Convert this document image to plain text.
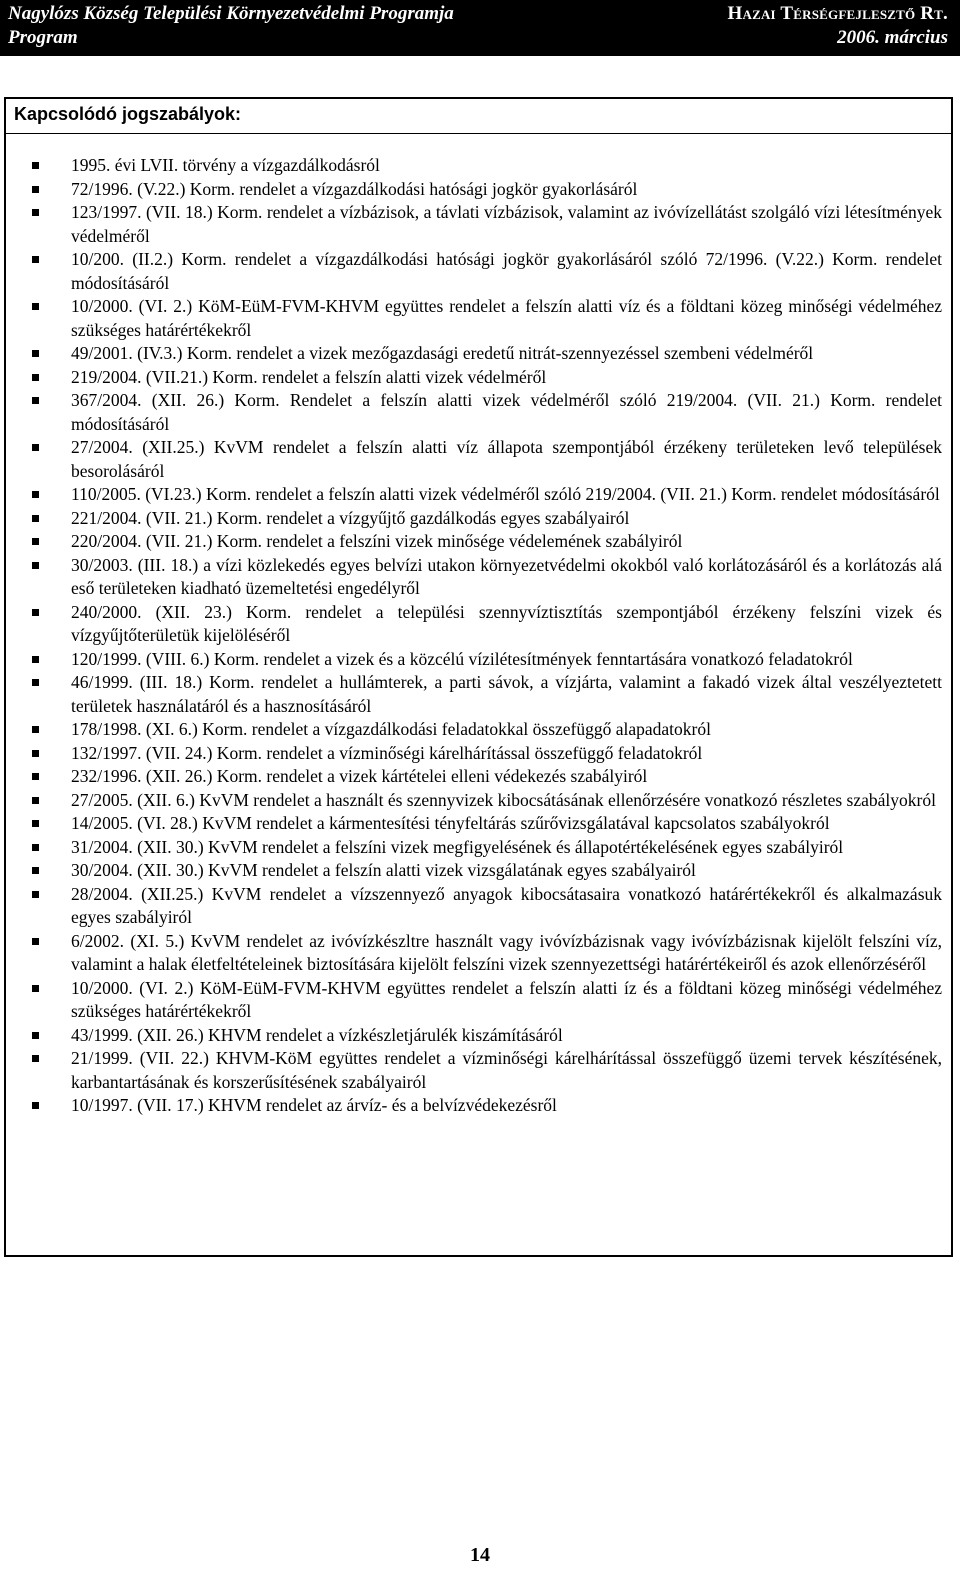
Nagylózs Község Települési Környezetvédelmi Programja	Hazai Térségfejlesztő Rt.
Program	2006. március
Kapcsolódó jogszabályok:
1995. évi LVII. törvény a vízgazdálkodásról
72/1996. (V.22.) Korm. rendelet a vízgazdálkodási hatósági jogkör gyakorlásáról
123/1997. (VII. 18.) Korm. rendelet a vízbázisok, a távlati vízbázisok, valamint az ivóvízellátást szolgáló vízi létesítmények védelméről
10/200. (II.2.) Korm. rendelet a vízgazdálkodási hatósági jogkör gyakorlásáról szóló 72/1996. (V.22.) Korm. rendelet módosításáról
10/2000. (VI. 2.) KöM-EüM-FVM-KHVM együttes rendelet a felszín alatti víz és a földtani közeg minőségi védelméhez szükséges határértékekről
49/2001. (IV.3.) Korm. rendelet a vizek mezőgazdasági eredetű nitrát-szennyezéssel szembeni védelméről
219/2004. (VII.21.) Korm. rendelet a felszín alatti vizek védelméről
367/2004. (XII. 26.) Korm. Rendelet a felszín alatti vizek védelméről szóló 219/2004. (VII. 21.) Korm. rendelet módosításáról
27/2004. (XII.25.) KvVM rendelet a felszín alatti víz állapota szempontjából érzékeny területeken levő települések besorolásáról
110/2005. (VI.23.) Korm. rendelet a felszín alatti vizek védelméről szóló 219/2004. (VII. 21.) Korm. rendelet módosításáról
221/2004. (VII. 21.) Korm. rendelet a vízgyűjtő gazdálkodás egyes szabályairól
220/2004. (VII. 21.) Korm. rendelet a felszíni vizek minősége védelemének szabályiról
30/2003. (III. 18.) a vízi közlekedés egyes belvízi utakon környezetvédelmi okokból való korlátozásáról és a korlátozás alá eső területeken kiadható üzemeltetési engedélyről
240/2000. (XII. 23.) Korm. rendelet a települési szennyvíztisztítás szempontjából érzékeny felszíni vizek és vízgyűjtőterületük kijelöléséről
120/1999. (VIII. 6.) Korm. rendelet a vizek és a közcélú vízilétesítmények fenntartására vonatkozó feladatokról
46/1999. (III. 18.) Korm. rendelet a hullámterek, a parti sávok, a vízjárta, valamint a fakadó vizek által veszélyeztetett területek használatáról és a hasznosításáról
178/1998. (XI. 6.) Korm. rendelet a vízgazdálkodási feladatokkal összefüggő alapadatokról
132/1997. (VII. 24.) Korm. rendelet a vízminőségi kárelhárítással összefüggő feladatokról
232/1996. (XII. 26.) Korm. rendelet a vizek kártételei elleni védekezés szabályiról
27/2005. (XII. 6.) KvVM rendelet a használt és szennyvizek kibocsátásának ellenőrzésére vonatkozó részletes szabályokról
14/2005. (VI. 28.) KvVM rendelet a kármentesítési tényfeltárás szűrővizsgálatával kapcsolatos szabályokról
31/2004. (XII. 30.) KvVM rendelet a felszíni vizek megfigyelésének és állapotértékelésének egyes szabályiról
30/2004. (XII. 30.) KvVM rendelet a felszín alatti vizek vizsgálatának egyes szabályairól
28/2004. (XII.25.) KvVM rendelet a vízszennyező anyagok kibocsátasaira vonatkozó határértékekről és alkalmazásuk egyes szabályiról
6/2002. (XI. 5.) KvVM rendelet az ivóvízkészltre használt vagy ivóvízbázisnak vagy ivóvízbázisnak kijelölt felszíni víz, valamint a halak életfeltételeinek biztosítására kijelölt felszíni vizek szennyezettségi határértékeiről és azok ellenőrzéséről
10/2000. (VI. 2.) KöM-EüM-FVM-KHVM együttes rendelet a felszín alatti íz és a földtani közeg minőségi védelméhez szükséges határértékekről
43/1999. (XII. 26.) KHVM rendelet a vízkészletjárulék kiszámításáról
21/1999. (VII. 22.) KHVM-KöM együttes rendelet a vízminőségi kárelhárítással összefüggő üzemi tervek készítésének, karbantartásának és korszerűsítésének szabályairól
10/1997. (VII. 17.) KHVM rendelet az árvíz- és a belvízvédekezésről
14
